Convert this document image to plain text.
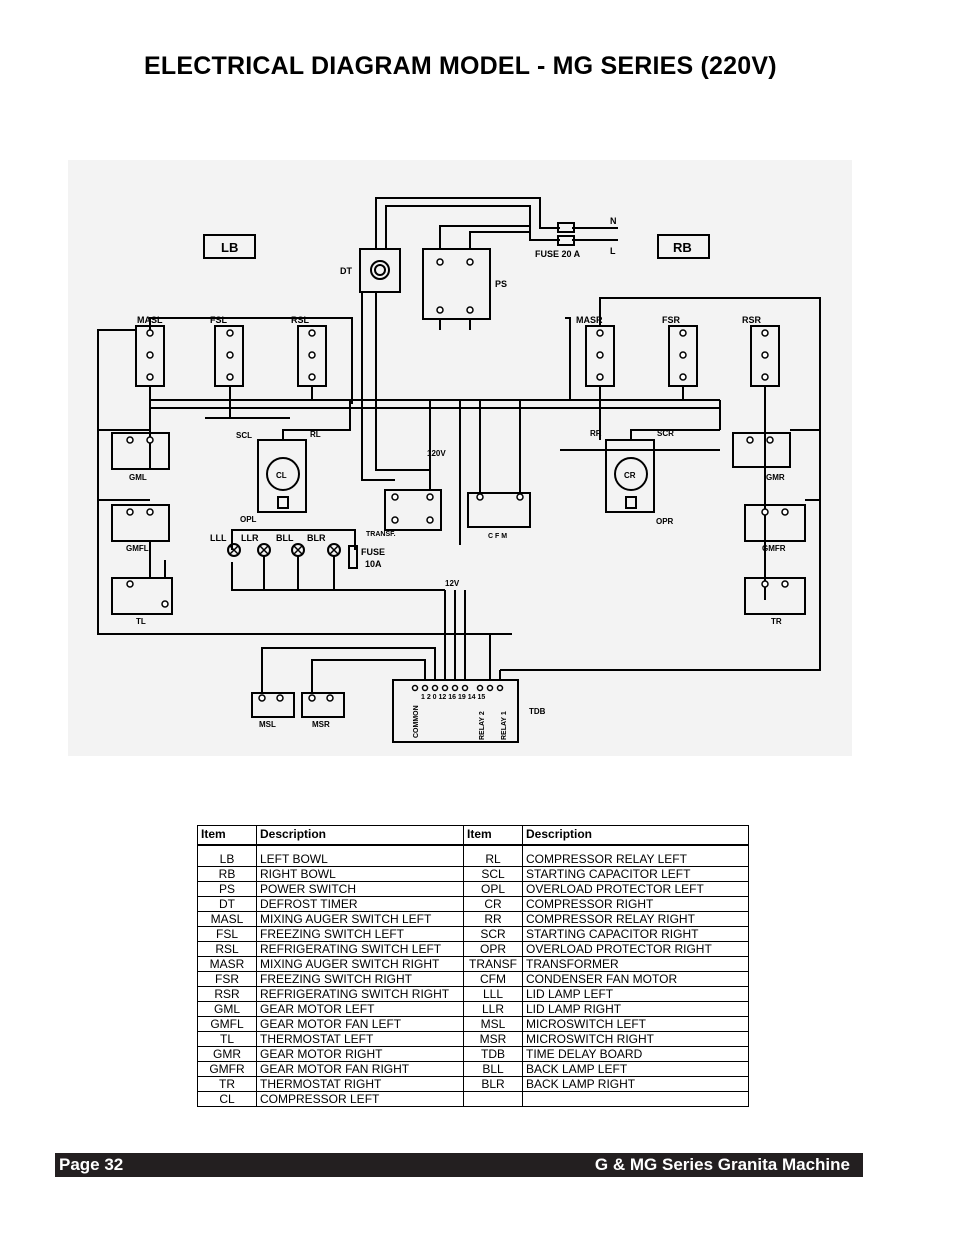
ELECTRICAL DIAGRAM MODEL - MG SERIES (220V)
LB	RB
DT
PS
N
L
FUSE 20 A
MASL	FSL	RSL	MASR	FSR	RSR
GML
GMFL
TL
GMR
GMFR
TR
CL	CR
SCL	RL	RR	SCR
OPL	OPR
TRANSF.	C F M
120V
12V
LLL LLR BLL BLR
FUSE
10A
MSL	MSR
TDB
1 2 0 12 16 19 14 15
COMMON	RELAY 2 RELAY 1
Item	Description	Item	Description

LB	LEFT BOWL	RL	COMPRESSOR RELAY LEFT
RB	RIGHT BOWL	SCL	STARTING CAPACITOR LEFT
PS	POWER SWITCH	OPL	OVERLOAD PROTECTOR LEFT
DT	DEFROST TIMER	CR	COMPRESSOR RIGHT
MASL	MIXING AUGER SWITCH LEFT	RR	COMPRESSOR RELAY RIGHT
FSL	FREEZING SWITCH LEFT	SCR	STARTING CAPACITOR RIGHT
RSL	REFRIGERATING SWITCH LEFT	OPR	OVERLOAD PROTECTOR RIGHT
MASR	MIXING AUGER SWITCH RIGHT	TRANSF	TRANSFORMER
FSR	FREEZING SWITCH RIGHT	CFM	CONDENSER FAN MOTOR
RSR	REFRIGERATING SWITCH RIGHT	LLL	LID LAMP LEFT
GML	GEAR MOTOR LEFT	LLR	LID LAMP RIGHT
GMFL	GEAR MOTOR FAN LEFT	MSL	MICROSWITCH LEFT
TL	THERMOSTAT LEFT	MSR	MICROSWITCH RIGHT
GMR	GEAR MOTOR RIGHT	TDB	TIME DELAY BOARD
GMFR	GEAR MOTOR FAN RIGHT	BLL	BACK LAMP LEFT
TR	THERMOSTAT RIGHT	BLR	BACK LAMP RIGHT
CL	COMPRESSOR LEFT		
Page 32	G & MG Series Granita Machine
